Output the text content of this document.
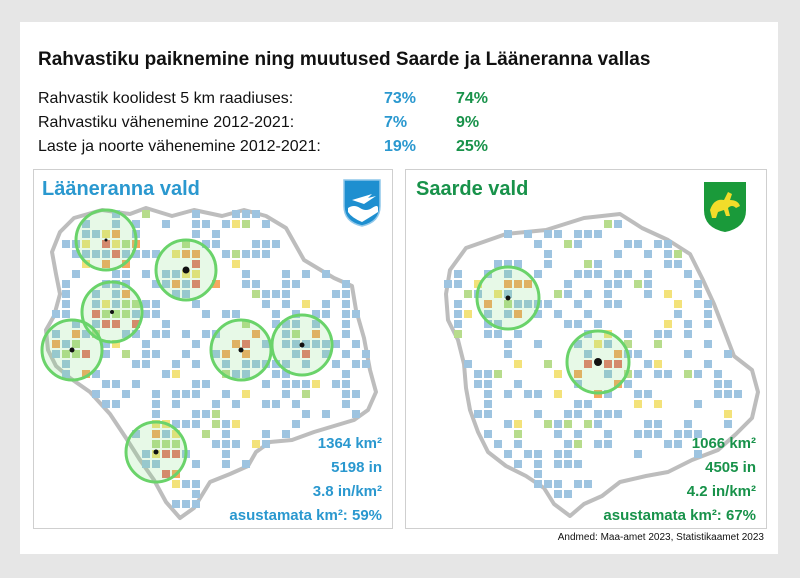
Rahvastiku paiknemine ning muutused Saarde ja Lääneranna vallas
Rahvastik koolidest 5 km raadiuses:	73% 74%
Rahvastiku vähenemine 2012-2021:	7%	9%
Laste ja noorte vähenemine 2012-2021:	19% 25%
Lääneranna vald
1364 km²
5198 in
3.8 in/km²
asustamata km²: 59%
Saarde vald
1066 km²
4505 in
4.2 in/km²
asustamata km²: 67%
Andmed: Maa-amet 2023, Statistikaamet 2023
